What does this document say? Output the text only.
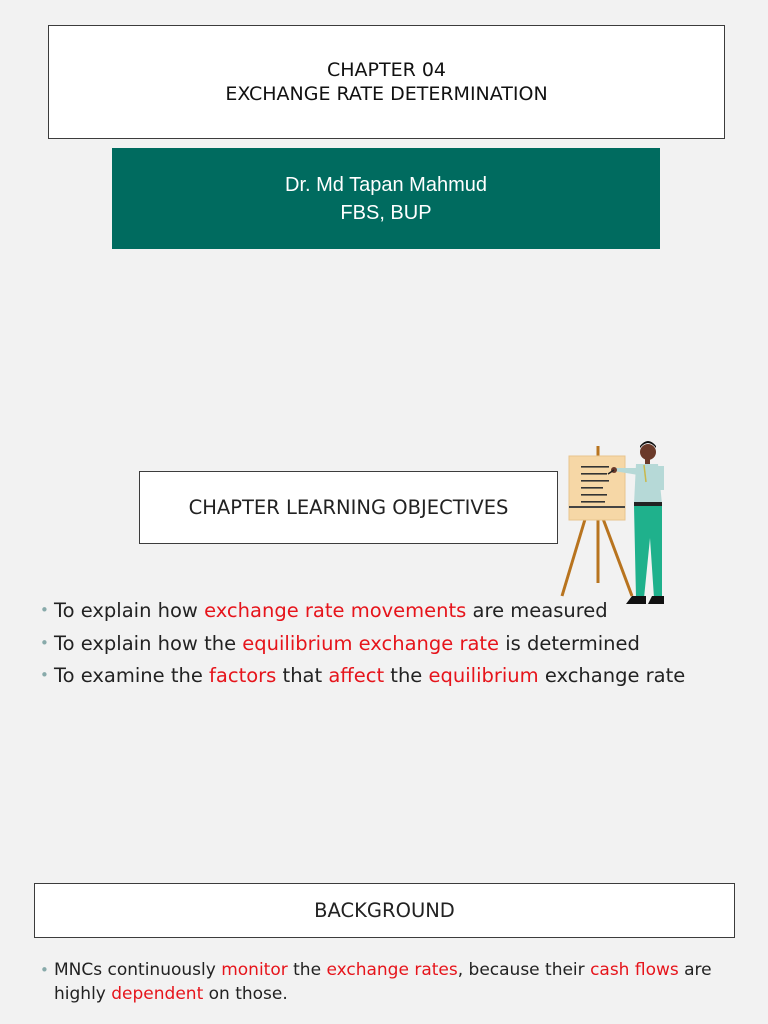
CHAPTER 04
EXCHANGE RATE DETERMINATION
Dr. Md Tapan Mahmud
FBS, BUP
CHAPTER LEARNING OBJECTIVES
• To explain how exchange rate movements are measured
• To explain how the equilibrium exchange rate is determined
• To examine the factors that affect the equilibrium exchange rate
BACKGROUND
• MNCs continuously monitor the exchange rates, because their cash flows are highly dependent on those.
